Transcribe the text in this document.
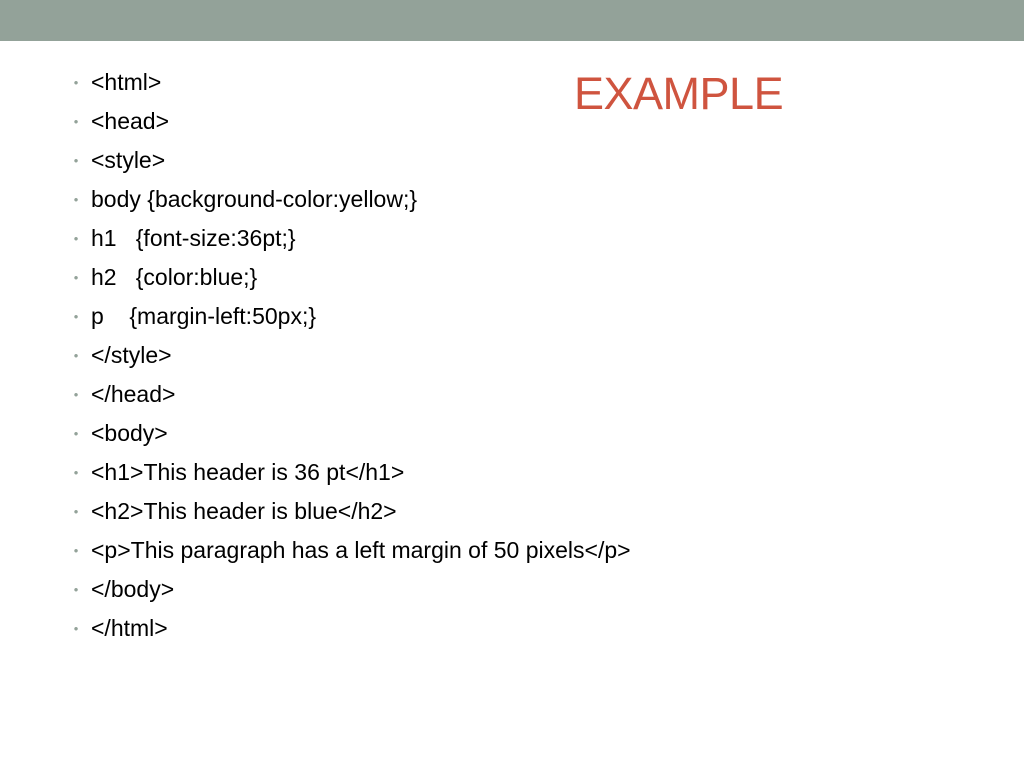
EXAMPLE
• <html>
• <head>
• <style>
• body {background-color:yellow;}
• h1   {font-size:36pt;}
• h2   {color:blue;}
• p    {margin-left:50px;}
• </style>
• </head>
• <body>
• <h1>This header is 36 pt</h1>
• <h2>This header is blue</h2>
• <p>This paragraph has a left margin of 50 pixels</p>
• </body>
• </html>
